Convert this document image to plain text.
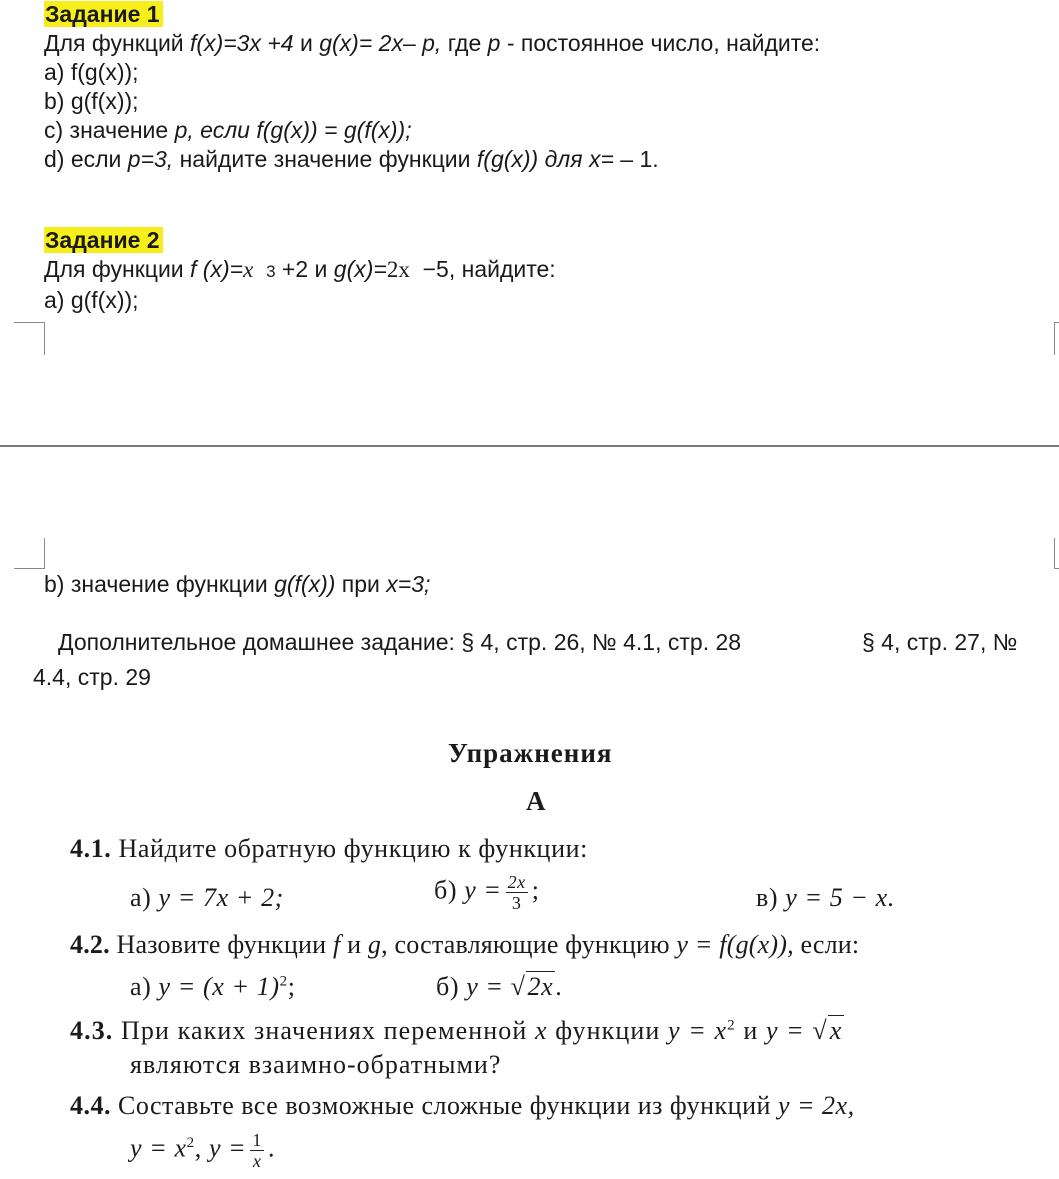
Задание 1
Для функций f(x)=3x +4 и g(x)= 2x– p, где p - постоянное число, найдите:
a) f(g(x));
b) g(f(x));
c) значение p, если f(g(x)) = g(f(x));
d) если p=3, найдите значение функции f(g(x)) для x= – 1.
Задание 2
Для функции f (x)=x 3 +2 и g(x)=2x  −5, найдите:
a) g(f(x));
b) значение функции g(f(x)) при x=3;
Дополнительное домашнее задание: § 4, стр. 26, № 4.1, стр. 28	§ 4, стр. 27, №
4.4, стр. 29
Упражнения
А
4.1. Найдите обратную функцию к функции:
а) y = 7x + 2;	б) $y = \frac{2x}{3}$ ;	в) y = 5 − x.
4.2. Назовите функции f и g, составляющие функцию y = f(g(x)), если:
а) $y = (x + 1)^2$;	б) y = √2x.
4.3. При каких значениях переменной x функции $y = x^2$ и y = √x
являются взаимно-обратными?
4.4. Составьте все возможные сложные функции из функций y = 2x,
$y = x^2$, $y = \frac{1}{x}$ .
